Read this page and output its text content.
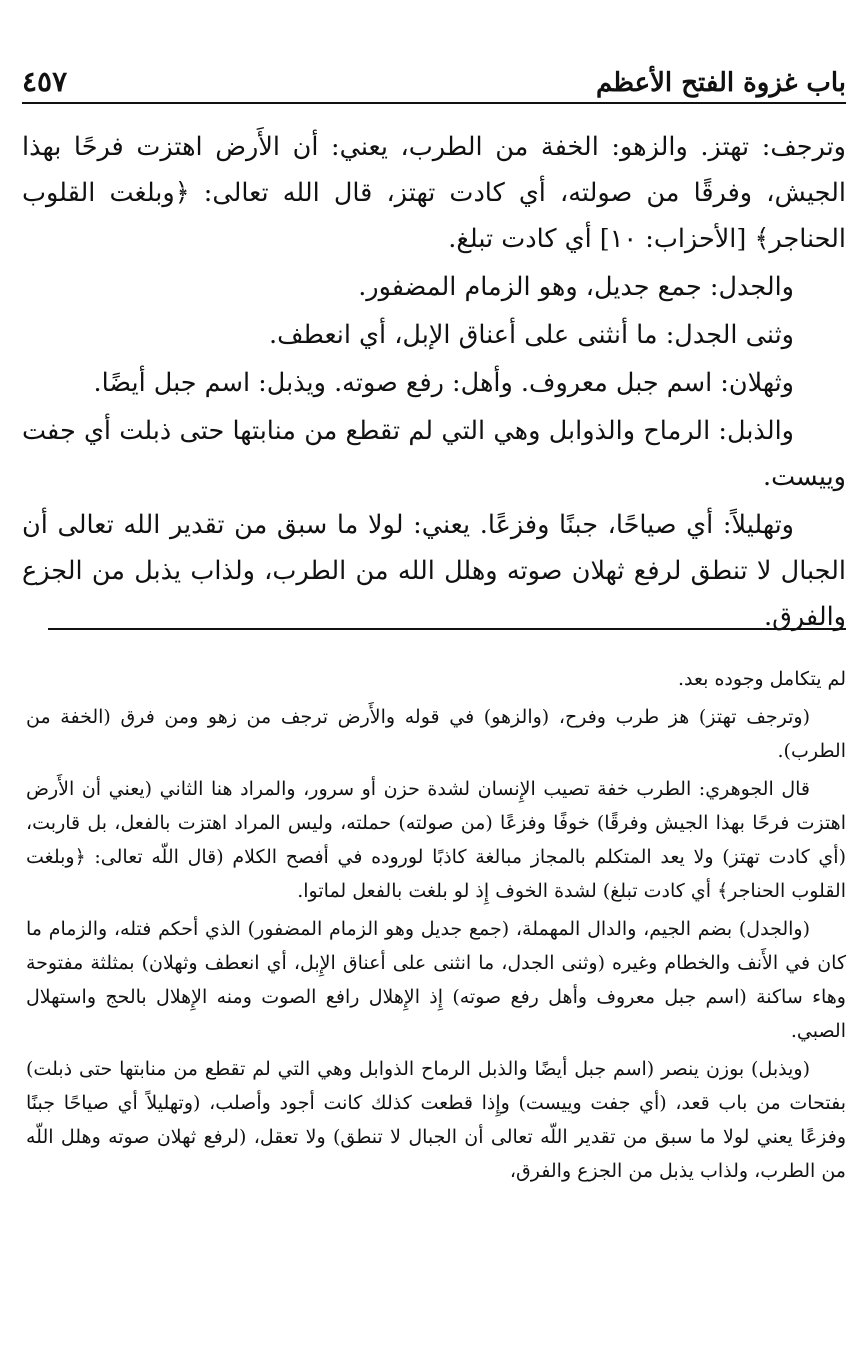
باب غزوة الفتح الأعظم
٤٥٧

وترجف: تهتز. والزهو: الخفة من الطرب، يعني: أن الأَرض اهتزت فرحًا بهذا الجيش، وفرقًا من صولته، أي كادت تهتز، قال الله تعالى: ﴿وبلغت القلوب الحناجر﴾ [الأحزاب: ١٠] أي كادت تبلغ.

والجدل: جمع جديل، وهو الزمام المضفور.

وثنى الجدل: ما أنثنى على أعناق الإبل، أي انعطف.

وثهلان: اسم جبل معروف. وأهل: رفع صوته. ويذبل: اسم جبل أيضًا.

والذبل: الرماح والذوابل وهي التي لم تقطع من منابتها حتى ذبلت أي جفت وييست.

وتهليلاً: أي صياحًا، جبنًا وفزعًا. يعني: لولا ما سبق من تقدير الله تعالى أن الجبال لا تنطق لرفع ثهلان صوته وهلل الله من الطرب، ولذاب يذبل من الجزع والفرق.

لم يتكامل وجوده بعد.

(وترجف تهتز) هز طرب وفرح، (والزهو) في قوله والأَرض ترجف من زهو ومن فرق (الخفة من الطرب).

قال الجوهري: الطرب خفة تصيب الإِنسان لشدة حزن أو سرور، والمراد هنا الثاني (يعني أن الأَرض اهتزت فرحًا بهذا الجيش وفرقًا) خوفًا وفزعًا (من صولته) حملته، وليس المراد اهتزت بالفعل، بل قاربت، (أي كادت تهتز) ولا يعد المتكلم بالمجاز مبالغة كاذبًا لوروده في أفصح الكلام (قال اللّه تعالى: ﴿وبلغت القلوب الحناجر﴾ أي كادت تبلغ) لشدة الخوف إِذ لو بلغت بالفعل لماتوا.

(والجدل) بضم الجيم، والدال المهملة، (جمع جديل وهو الزمام المضفور) الذي أحكم فتله، والزمام ما كان في الأَنف والخطام وغيره (وثنى الجدل، ما انثنى على أعناق الإِبل، أي انعطف وثهلان) بمثلثة مفتوحة وهاء ساكنة (اسم جبل معروف وأهل رفع صوته) إِذ الإِهلال رافع الصوت ومنه الإِهلال بالحج واستهلال الصبي.

(ويذبل) بوزن ينصر (اسم جبل أيضًا والذبل الرماح الذوابل وهي التي لم تقطع من منابتها حتى ذبلت) بفتحات من باب قعد، (أي جفت وييست) وإِذا قطعت كذلك كانت أجود وأصلب، (وتهليلاً أي صياحًا جبنًا وفزعًا يعني لولا ما سبق من تقدير اللّه تعالى أن الجبال لا تنطق) ولا تعقل، (لرفع ثهلان صوته وهلل اللّه من الطرب، ولذاب يذبل من الجزع والفرق،
